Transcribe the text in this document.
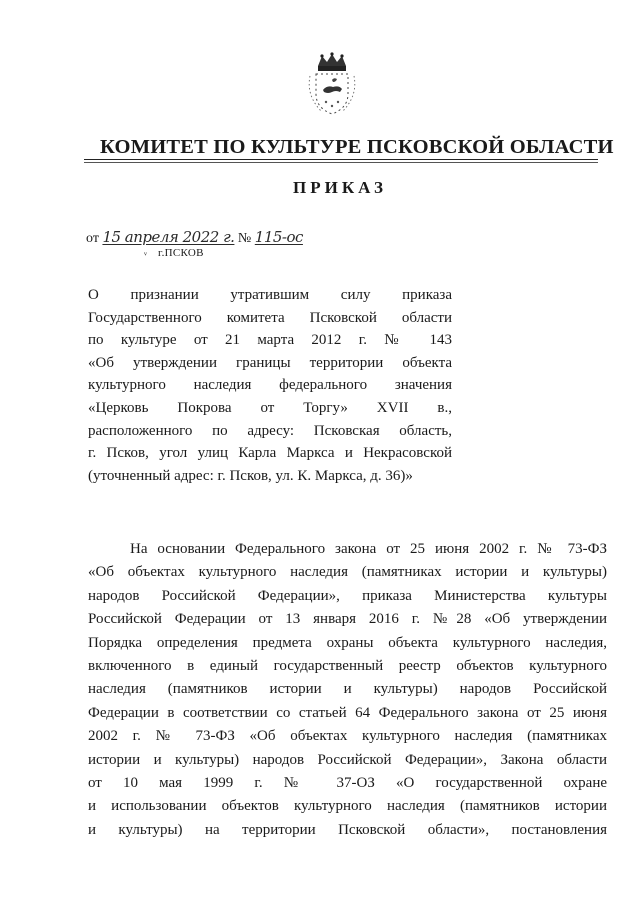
КОМИТЕТ ПО КУЛЬТУРЕ ПСКОВСКОЙ ОБЛАСТИ
ПРИКАЗ
от 15 апреля 2022 г. № 115-ос
ᵛ г.ПСКОВ
О признании утратившим силу приказа
Государственного комитета Псковской области
по культуре от 21 марта 2012 г. № 143
«Об утверждении границы территории объекта
культурного наследия федерального значения
«Церковь Покрова от Торгу» XVII в.,
расположенного по адресу: Псковская область,
г. Псков, угол улиц Карла Маркса и Некрасовской
(уточненный адрес: г. Псков, ул. К. Маркса, д. 36)»
На основании Федерального закона от 25 июня 2002 г. № 73-ФЗ
«Об объектах культурного наследия (памятниках истории и культуры)
народов Российской Федерации», приказа Министерства культуры
Российской Федерации от 13 января 2016 г. №28 «Об утверждении
Порядка определения предмета охраны объекта культурного наследия,
включенного в единый государственный реестр объектов культурного
наследия (памятников истории и культуры) народов Российской
Федерации в соответствии со статьей 64 Федерального закона от 25 июня
2002 г. № 73-ФЗ «Об объектах культурного наследия (памятниках
истории и культуры) народов Российской Федерации», Закона области
от 10 мая 1999 г. № 37-ОЗ «О государственной охране
и использовании объектов культурного наследия (памятников истории
и культуры) на территории Псковской области», постановления
